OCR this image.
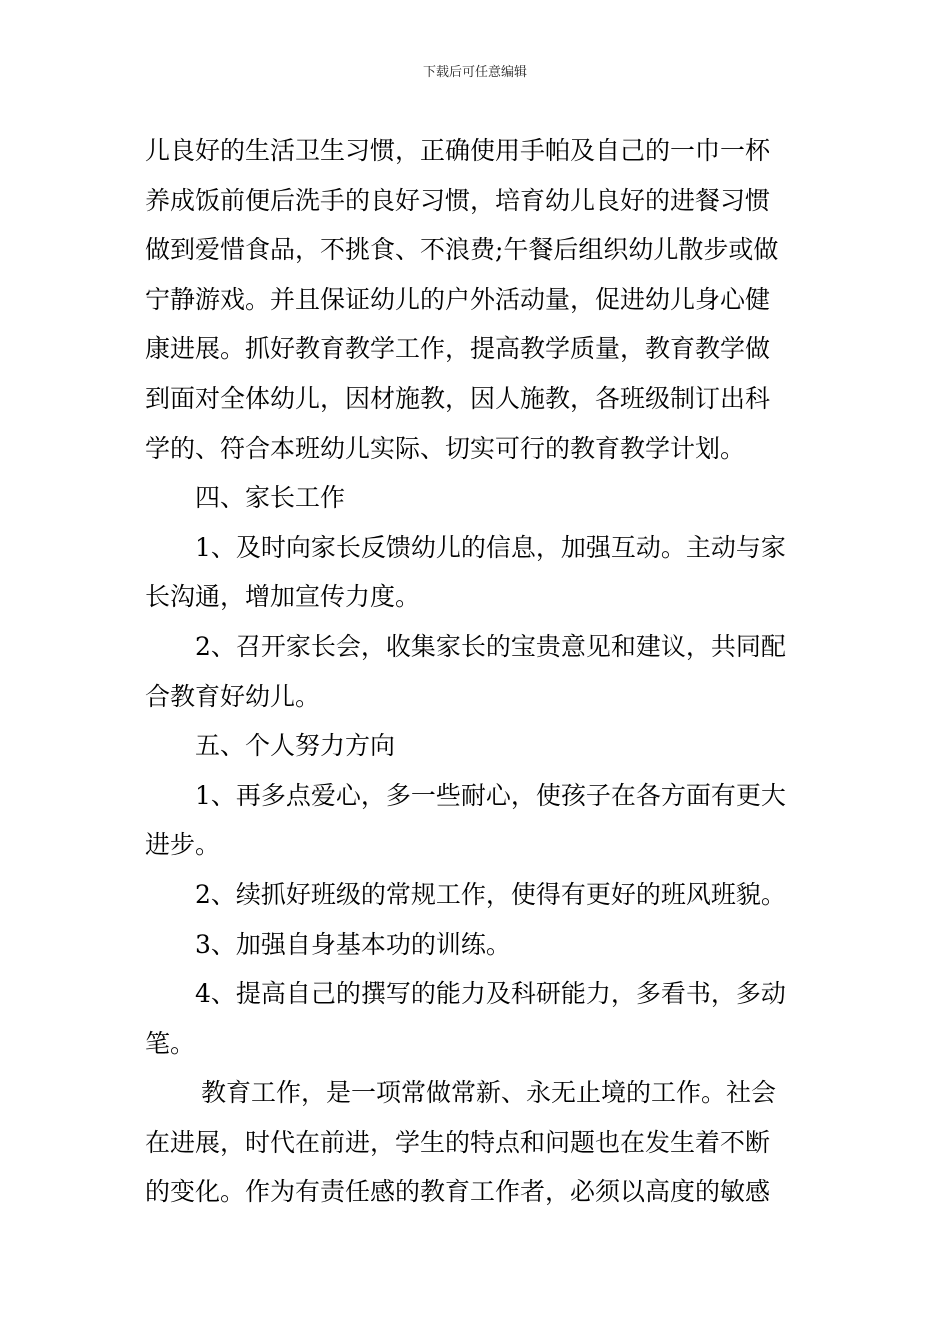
下载后可任意编辑
儿良好的生活卫生习惯，正确使用手帕及自己的一巾一杯
养成饭前便后洗手的良好习惯，培育幼儿良好的进餐习惯
做到爱惜食品，不挑食、不浪费;午餐后组织幼儿散步或做
宁静游戏。并且保证幼儿的户外活动量，促进幼儿身心健
康进展。抓好教育教学工作，提高教学质量，教育教学做
到面对全体幼儿，因材施教，因人施教，各班级制订出科
学的、符合本班幼儿实际、切实可行的教育教学计划。
四、家长工作
1、及时向家长反馈幼儿的信息，加强互动。主动与家
长沟通，增加宣传力度。
2、召开家长会，收集家长的宝贵意见和建议，共同配
合教育好幼儿。
五、个人努力方向
1、再多点爱心，多一些耐心，使孩子在各方面有更大
进步。
2、续抓好班级的常规工作，使得有更好的班风班貌。
3、加强自身基本功的训练。
4、提高自己的撰写的能力及科研能力，多看书，多动
笔。
教育工作，是一项常做常新、永无止境的工作。社会
在进展，时代在前进，学生的特点和问题也在发生着不断
的变化。作为有责任感的教育工作者，必须以高度的敏感
